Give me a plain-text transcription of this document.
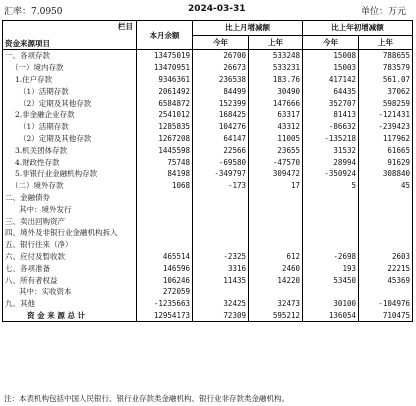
汇率：7.0950	2024-03-31	单位：万元
栏目
资金来源项目	本月余额	比上月增减额		比上年初增减额	
		今年	上年	今年	上年
一、各项存款	13475019	26700	533248	15008	788655
（一）境内存款	13470951	26673	533231	15003	783579
1.住户存款	9346361	236538	183.76	417142	561.07
（1）活期存款	2061492	84499	30490	64435	37062
（2）定期及其他存款	6584872	152399	147666	352707	598259
2.非金融企业存款	2541012	168425	63317	81413	-121431
（1）活期存款	1285835	104276	43312	-86632	-239423
（2）定期及其他存款	1267208	64147	11005	-135218	117962
3.机关团体存款	1445598	22566	23655	31532	61665
4.财政性存款	75748	-69580	-47570	28994	91629
5.非银行业金融机构存款	84198	-349797	309472	-350924	308840
（二）境外存款	1068	-173	17	5	45
二、金融债券					
其中：境外发行					
三、卖出回购资产					
四、境外及非银行业金融机构拆入					
五、银行往来（净）					
六、应付及暂收款	465514	-2325	612	-2698	2603
七、各项准备	146596	3316	2460	193	22215
八、所有者权益	106246	11435	14220	53450	45369
其中：实收资本	272059				
九、其他	-1235663	32425	32473	30100	-104976
资 金 来 源 总 计	12954173	72309	595212	136054	710475
注：本表机构包括中国人民银行、银行业存款类金融机构、银行业非存款类金融机构。
